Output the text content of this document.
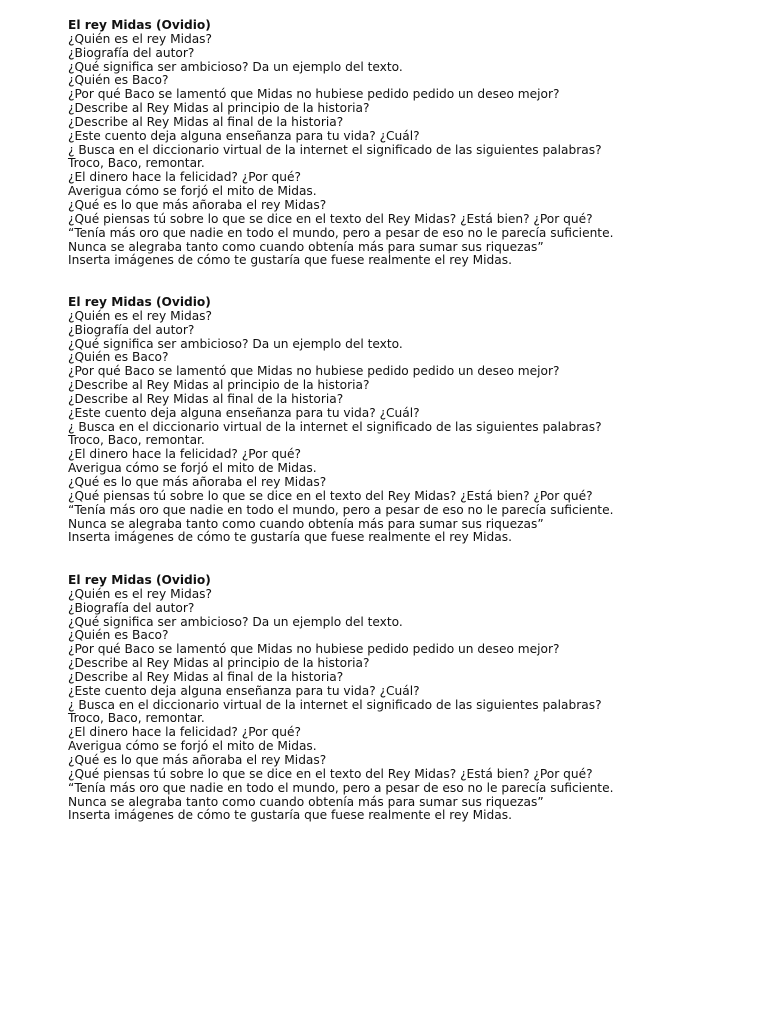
El rey Midas (Ovidio)
¿Quién es el rey Midas?
¿Biografía del autor?
¿Qué significa ser ambicioso? Da un ejemplo del texto.
¿Quién es Baco?
¿Por qué Baco se lamentó que Midas no hubiese pedido pedido un deseo mejor?
¿Describe al Rey Midas al principio de la historia?
¿Describe al Rey Midas al final de la historia?
¿Este cuento deja alguna enseñanza para tu vida? ¿Cuál?
¿ Busca en el diccionario virtual de la internet el significado de las siguientes palabras?
Troco, Baco, remontar.
¿El dinero hace la felicidad? ¿Por qué?
Averigua cómo se forjó el mito de Midas.
¿Qué es lo que más añoraba el rey Midas?
¿Qué piensas tú sobre lo que se dice en el texto del Rey Midas? ¿Está bien? ¿Por qué?
“Tenía más oro que nadie en todo el mundo, pero a pesar de eso no le parecía suficiente.
Nunca se alegraba tanto como cuando obtenía más para sumar sus riquezas”
Inserta imágenes de cómo te gustaría que fuese realmente el rey Midas.
El rey Midas (Ovidio)
¿Quién es el rey Midas?
¿Biografía del autor?
¿Qué significa ser ambicioso? Da un ejemplo del texto.
¿Quién es Baco?
¿Por qué Baco se lamentó que Midas no hubiese pedido pedido un deseo mejor?
¿Describe al Rey Midas al principio de la historia?
¿Describe al Rey Midas al final de la historia?
¿Este cuento deja alguna enseñanza para tu vida? ¿Cuál?
¿ Busca en el diccionario virtual de la internet el significado de las siguientes palabras?
Troco, Baco, remontar.
¿El dinero hace la felicidad? ¿Por qué?
Averigua cómo se forjó el mito de Midas.
¿Qué es lo que más añoraba el rey Midas?
¿Qué piensas tú sobre lo que se dice en el texto del Rey Midas? ¿Está bien? ¿Por qué?
“Tenía más oro que nadie en todo el mundo, pero a pesar de eso no le parecía suficiente.
Nunca se alegraba tanto como cuando obtenía más para sumar sus riquezas”
Inserta imágenes de cómo te gustaría que fuese realmente el rey Midas.
El rey Midas (Ovidio)
¿Quién es el rey Midas?
¿Biografía del autor?
¿Qué significa ser ambicioso? Da un ejemplo del texto.
¿Quién es Baco?
¿Por qué Baco se lamentó que Midas no hubiese pedido pedido un deseo mejor?
¿Describe al Rey Midas al principio de la historia?
¿Describe al Rey Midas al final de la historia?
¿Este cuento deja alguna enseñanza para tu vida? ¿Cuál?
¿ Busca en el diccionario virtual de la internet el significado de las siguientes palabras?
Troco, Baco, remontar.
¿El dinero hace la felicidad? ¿Por qué?
Averigua cómo se forjó el mito de Midas.
¿Qué es lo que más añoraba el rey Midas?
¿Qué piensas tú sobre lo que se dice en el texto del Rey Midas? ¿Está bien? ¿Por qué?
“Tenía más oro que nadie en todo el mundo, pero a pesar de eso no le parecía suficiente.
Nunca se alegraba tanto como cuando obtenía más para sumar sus riquezas”
Inserta imágenes de cómo te gustaría que fuese realmente el rey Midas.
